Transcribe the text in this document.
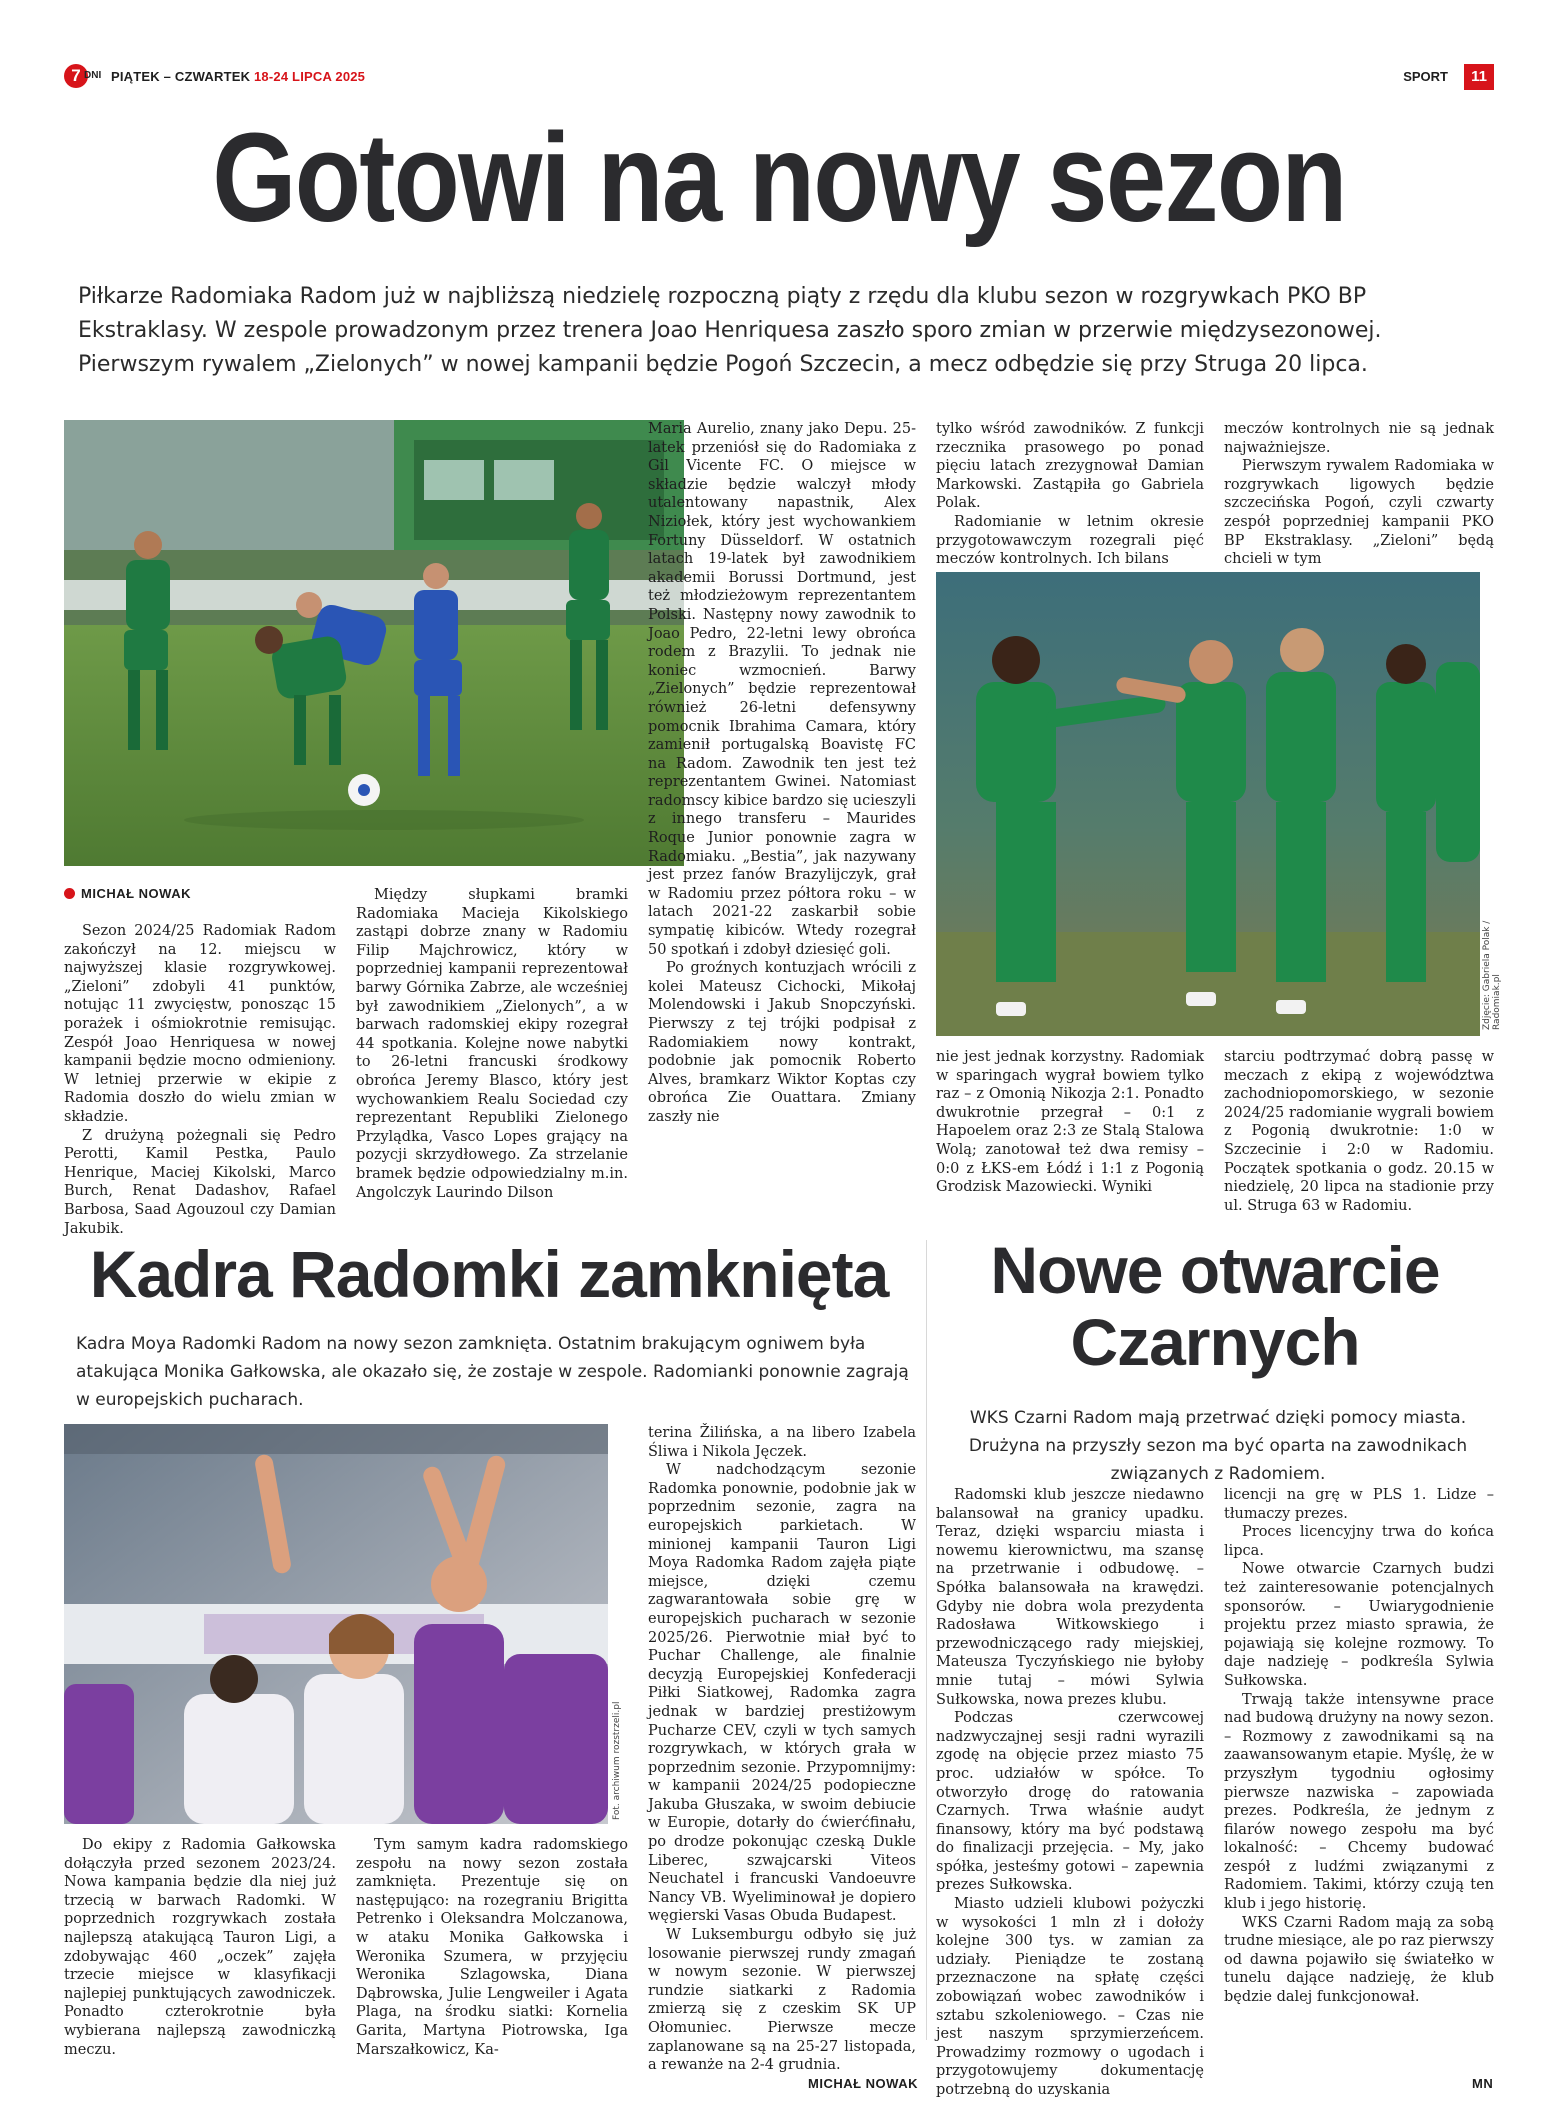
7 DNI PIĄTEK – CZWARTEK 18-24 LIPCA 2025	SPORT	11
Gotowi na nowy sezon
Piłkarze Radomiaka Radom już w najbliższą niedzielę rozpoczną piąty z rzędu dla klubu sezon w rozgrywkach PKO BP Ekstraklasy. W zespole prowadzonym przez trenera Joao Henriquesa zaszło sporo zmian w przerwie międzysezonowej. Pierwszym rywalem „Zielonych” w nowej kampanii będzie Pogoń Szczecin, a mecz odbędzie się przy Struga 20 lipca.
Zdjęcie: Gabriela Polak / Radomiak.pl
MICHAŁ NOWAK

Sezon 2024/25 Radomiak Radom zakończył na 12. miejscu w najwyższej klasie rozgrywkowej. „Zieloni” zdobyli 41 punktów, notując 11 zwycięstw, ponosząc 15 porażek i ośmiokrotnie remisując. Zespół Joao Henriquesa w nowej kampanii będzie mocno odmieniony. W letniej przerwie w ekipie z Radomia doszło do wielu zmian w składzie.

Z drużyną pożegnali się Pedro Perotti, Kamil Pestka, Paulo Henrique, Maciej Kikolski, Marco Burch, Renat Dadashov, Rafael Barbosa, Saad Agouzoul czy Damian Jakubik.

Między słupkami bramki Radomiaka Macieja Kikolskiego zastąpi dobrze znany w Radomiu Filip Majchrowicz, który w poprzedniej kampanii reprezentował barwy Górnika Zabrze, ale wcześniej był zawodnikiem „Zielonych”, a w barwach radomskiej ekipy rozegrał 44 spotkania. Kolejne nowe nabytki to 26-letni francuski środkowy obrońca Jeremy Blasco, który jest wychowankiem Realu Sociedad czy reprezentant Republiki Zielonego Przylądka, Vasco Lopes grający na pozycji skrzydłowego. Za strzelanie bramek będzie odpowiedzialny m.in. Angolczyk Laurindo Dilson

Maria Aurelio, znany jako Depu. 25-latek przeniósł się do Radomiaka z Gil Vicente FC. O miejsce w składzie będzie walczył młody utalentowany napastnik, Alex Niziołek, który jest wychowankiem Fortuny Düsseldorf. W ostatnich latach 19-latek był zawodnikiem akademii Borussi Dortmund, jest też młodzieżowym reprezentantem Polski. Następny nowy zawodnik to Joao Pedro, 22-letni lewy obrońca rodem z Brazylii. To jednak nie koniec wzmocnień. Barwy „Zielonych” będzie reprezentował również 26-letni defensywny pomocnik Ibrahima Camara, który zamienił portugalską Boavistę FC na Radom. Zawodnik ten jest też reprezentantem Gwinei. Natomiast radomscy kibice bardzo się ucieszyli z innego transferu – Maurides Roque Junior ponownie zagra w Radomiaku. „Bestia”, jak nazywany jest przez fanów Brazylijczyk, grał w Radomiu przez półtora roku – w latach 2021-22 zaskarbił sobie sympatię kibiców. Wtedy rozegrał 50 spotkań i zdobył dziesięć goli.

Po groźnych kontuzjach wrócili z kolei Mateusz Cichocki, Mikołaj Molendowski i Jakub Snopczyński. Pierwszy z tej trójki podpisał z Radomiakiem nowy kontrakt, podobnie jak pomocnik Roberto Alves, bramkarz Wiktor Koptas czy obrońca Zie Ouattara. Zmiany zaszły nie

tylko wśród zawodników. Z funkcji rzecznika prasowego po ponad pięciu latach zrezygnował Damian Markowski. Zastąpiła go Gabriela Polak.

Radomianie w letnim okresie przygotowawczym rozegrali pięć meczów kontrolnych. Ich bilans

meczów kontrolnych nie są jednak najważniejsze.

Pierwszym rywalem Radomiaka w rozgrywkach ligowych będzie szczecińska Pogoń, czyli czwarty zespół poprzedniej kampanii PKO BP Ekstraklasy. „Zieloni” będą chcieli w tym

nie jest jednak korzystny. Radomiak w sparingach wygrał bowiem tylko raz – z Omonią Nikozja 2:1. Ponadto dwukrotnie przegrał – 0:1 z Hapoelem oraz 2:3 ze Stalą Stalowa Wolą; zanotował też dwa remisy – 0:0 z ŁKS-em Łódź i 1:1 z Pogonią Grodzisk Mazowiecki. Wyniki

starciu podtrzymać dobrą passę w meczach z ekipą z województwa zachodniopomorskiego, w sezonie 2024/25 radomianie wygrali bowiem z Pogonią dwukrotnie: 1:0 w Szczecinie i 2:0 w Radomiu. Początek spotkania o godz. 20.15 w niedzielę, 20 lipca na stadionie przy ul. Struga 63 w Radomiu.

Kadra Radomki zamknięta
Kadra Moya Radomki Radom na nowy sezon zamknięta. Ostatnim brakującym ogniwem była atakująca Monika Gałkowska, ale okazało się, że zostaje w zespole. Radomianki ponownie zagrają w europejskich pucharach.
Fot. archiwum rozstrzeli.pl

Do ekipy z Radomia Gałkowska dołączyła przed sezonem 2023/24. Nowa kampania będzie dla niej już trzecią w barwach Radomki. W poprzednich rozgrywkach została najlepszą atakującą Tauron Ligi, a zdobywając 460 „oczek” zajęła trzecie miejsce w klasyfikacji najlepiej punktujących zawodniczek. Ponadto czterokrotnie była wybierana najlepszą zawodniczką meczu.

Tym samym kadra radomskiego zespołu na nowy sezon została zamknięta. Prezentuje się on następująco: na rozegraniu Brigitta Petrenko i Oleksandra Molczanowa, w ataku Monika Gałkowska i Weronika Szumera, w przyjęciu Weronika Szlagowska, Diana Dąbrowska, Julie Lengweiler i Agata Plaga, na środku siatki: Kornelia Garita, Martyna Piotrowska, Iga Marszałkowicz, Ka-

terina Žilińska, a na libero Izabela Śliwa i Nikola Jęczek.

W nadchodzącym sezonie Radomka ponownie, podobnie jak w poprzednim sezonie, zagra na europejskich parkietach. W minionej kampanii Tauron Ligi Moya Radomka Radom zajęła piąte miejsce, dzięki czemu zagwarantowała sobie grę w europejskich pucharach w sezonie 2025/26. Pierwotnie miał być to Puchar Challenge, ale finalnie decyzją Europejskiej Konfederacji Piłki Siatkowej, Radomka zagra jednak w bardziej prestiżowym Pucharze CEV, czyli w tych samych rozgrywkach, w których grała w poprzednim sezonie. Przypomnijmy: w kampanii 2024/25 podopieczne Jakuba Głuszaka, w swoim debiucie w Europie, dotarły do ćwierćfinału, po drodze pokonując czeską Dukle Liberec, szwajcarski Viteos Neuchatel i francuski Vandoeuvre Nancy VB. Wyeliminował je dopiero węgierski Vasas Obuda Budapest.

W Luksemburgu odbyło się już losowanie pierwszej rundy zmagań w nowym sezonie. W pierwszej rundzie siatkarki z Radomia zmierzą się z czeskim SK UP Ołomuniec. Pierwsze mecze zaplanowane są na 25-27 listopada, a rewanże na 2-4 grudnia.

MICHAŁ NOWAK
Nowe otwarcie
Czarnych
WKS Czarni Radom mają przetrwać dzięki pomocy miasta. Drużyna na przyszły sezon ma być oparta na zawodnikach związanych z Radomiem.

Radomski klub jeszcze niedawno balansował na granicy upadku. Teraz, dzięki wsparciu miasta i nowemu kierownictwu, ma szansę na przetrwanie i odbudowę. – Spółka balansowała na krawędzi. Gdyby nie dobra wola prezydenta Radosława Witkowskiego i przewodniczącego rady miejskiej, Mateusza Tyczyńskiego nie byłoby mnie tutaj – mówi Sylwia Sułkowska, nowa prezes klubu.

Podczas czerwcowej nadzwyczajnej sesji radni wyrazili zgodę na objęcie przez miasto 75 proc. udziałów w spółce. To otworzyło drogę do ratowania Czarnych. Trwa właśnie audyt finansowy, który ma być podstawą do finalizacji przejęcia. – My, jako spółka, jesteśmy gotowi – zapewnia prezes Sułkowska.

Miasto udzieli klubowi pożyczki w wysokości 1 mln zł i dołoży kolejne 300 tys. w zamian za udziały. Pieniądze te zostaną przeznaczone na spłatę części zobowiązań wobec zawodników i sztabu szkoleniowego. – Czas nie jest naszym sprzymierzeńcem. Prowadzimy rozmowy o ugodach i przygotowujemy dokumentację potrzebną do uzyskania

licencji na grę w PLS 1. Lidze – tłumaczy prezes.

Proces licencyjny trwa do końca lipca.

Nowe otwarcie Czarnych budzi też zainteresowanie potencjalnych sponsorów. – Uwiarygodnienie projektu przez miasto sprawia, że pojawiają się kolejne rozmowy. To daje nadzieję – podkreśla Sylwia Sułkowska.

Trwają także intensywne prace nad budową drużyny na nowy sezon. – Rozmowy z zawodnikami są na zaawansowanym etapie. Myślę, że w przyszłym tygodniu ogłosimy pierwsze nazwiska – zapowiada prezes. Podkreśla, że jednym z filarów nowego zespołu ma być lokalność: – Chcemy budować zespół z ludźmi związanymi z Radomiem. Takimi, którzy czują ten klub i jego historię.

WKS Czarni Radom mają za sobą trudne miesiące, ale po raz pierwszy od dawna pojawiło się światełko w tunelu dające nadzieję, że klub będzie dalej funkcjonował.

MN
